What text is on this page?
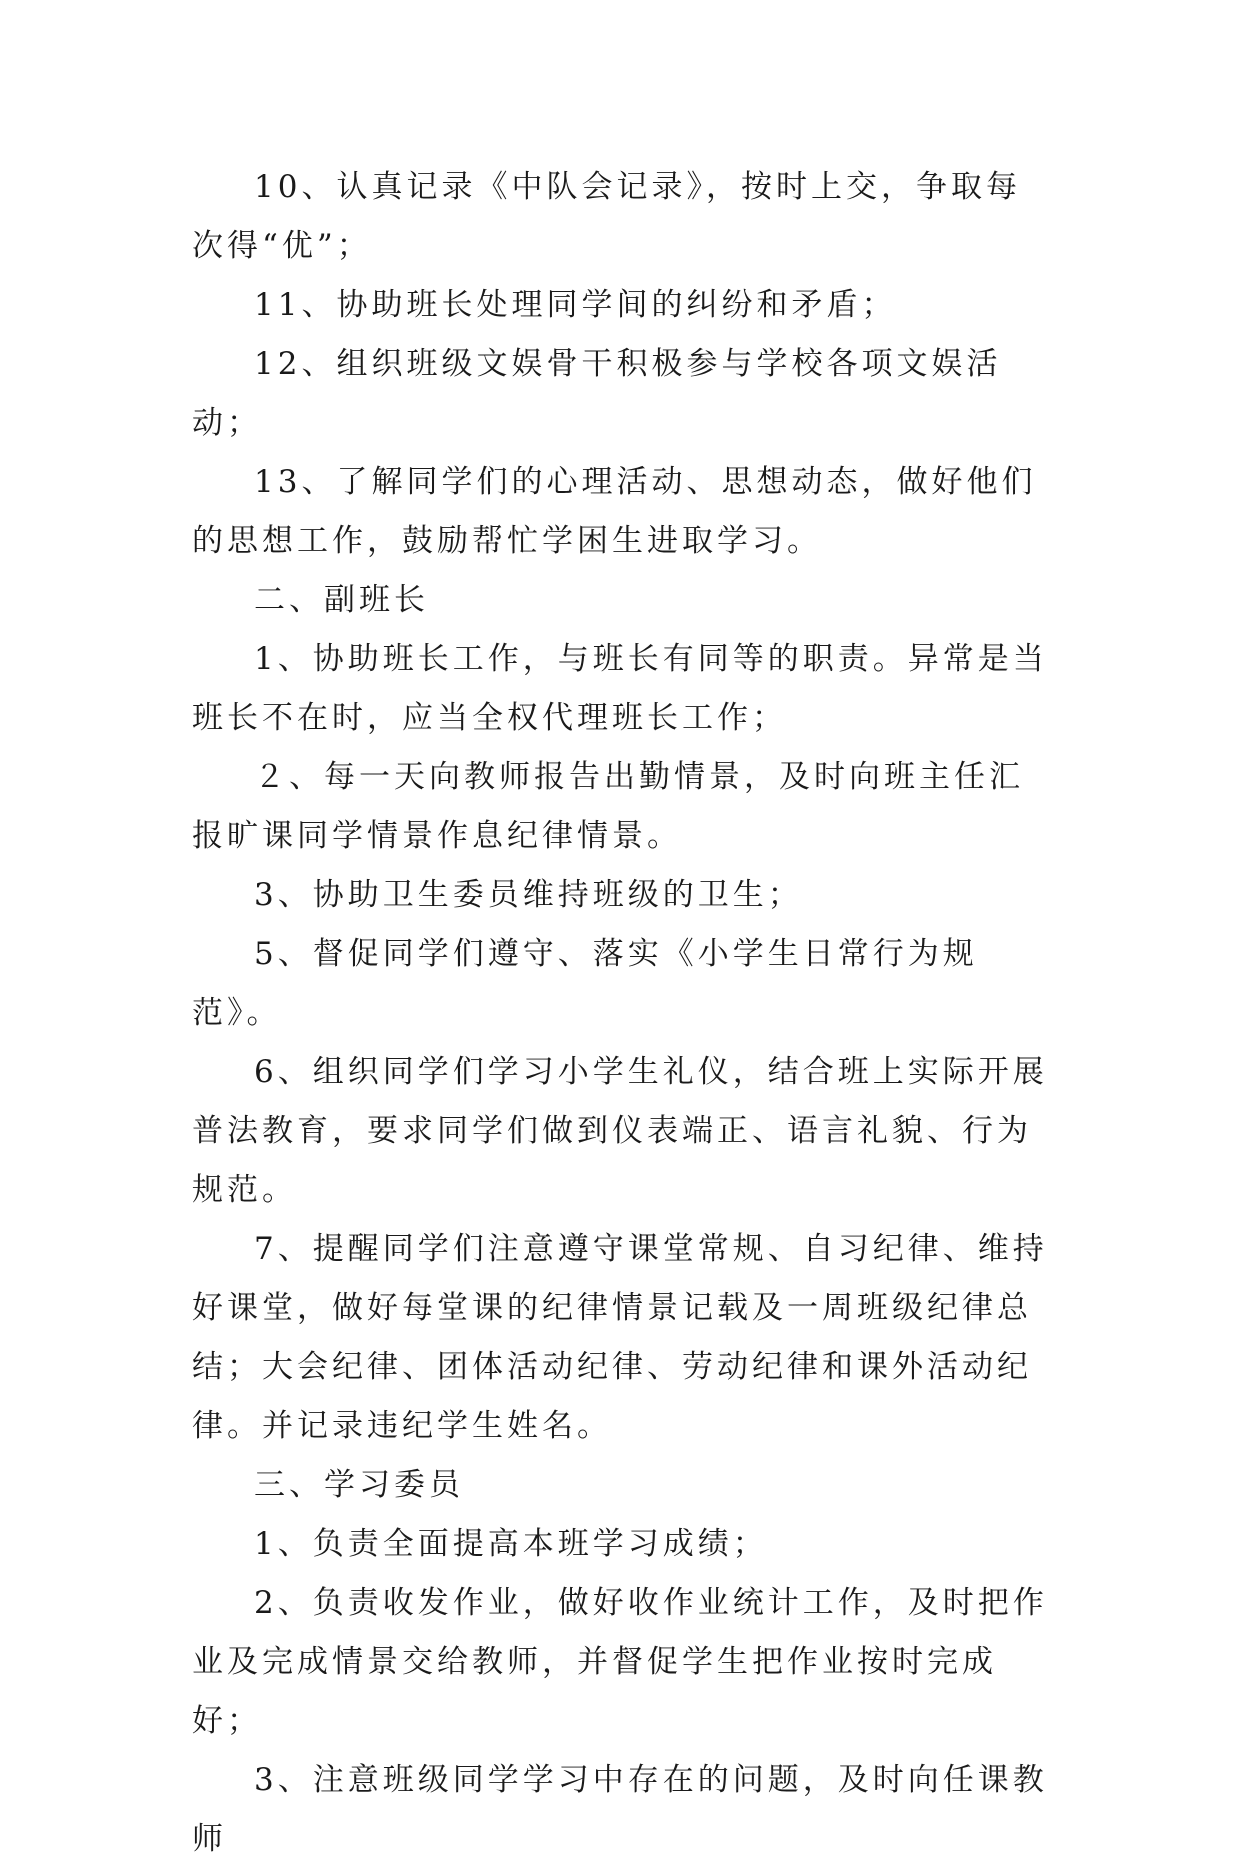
10、认真记录《中队会记录》，按时上交，争取每次得“优”；

11、协助班长处理同学间的纠纷和矛盾；

12、组织班级文娱骨干积极参与学校各项文娱活动；

13、了解同学们的心理活动、思想动态，做好他们的思想工作，鼓励帮忙学困生进取学习。

二、副班长

1、协助班长工作，与班长有同等的职责。异常是当班长不在时，应当全权代理班长工作；

２、每一天向教师报告出勤情景，及时向班主任汇报旷课同学情景作息纪律情景。

3、协助卫生委员维持班级的卫生；

5、督促同学们遵守、落实《小学生日常行为规范》。

6、组织同学们学习小学生礼仪，结合班上实际开展普法教育，要求同学们做到仪表端正、语言礼貌、行为规范。

7、提醒同学们注意遵守课堂常规、自习纪律、维持好课堂，做好每堂课的纪律情景记载及一周班级纪律总结；大会纪律、团体活动纪律、劳动纪律和课外活动纪律。并记录违纪学生姓名。

三、学习委员

1、负责全面提高本班学习成绩；

2、负责收发作业，做好收作业统计工作，及时把作业及完成情景交给教师，并督促学生把作业按时完成好；

3、注意班级同学学习中存在的问题，及时向任课教师
